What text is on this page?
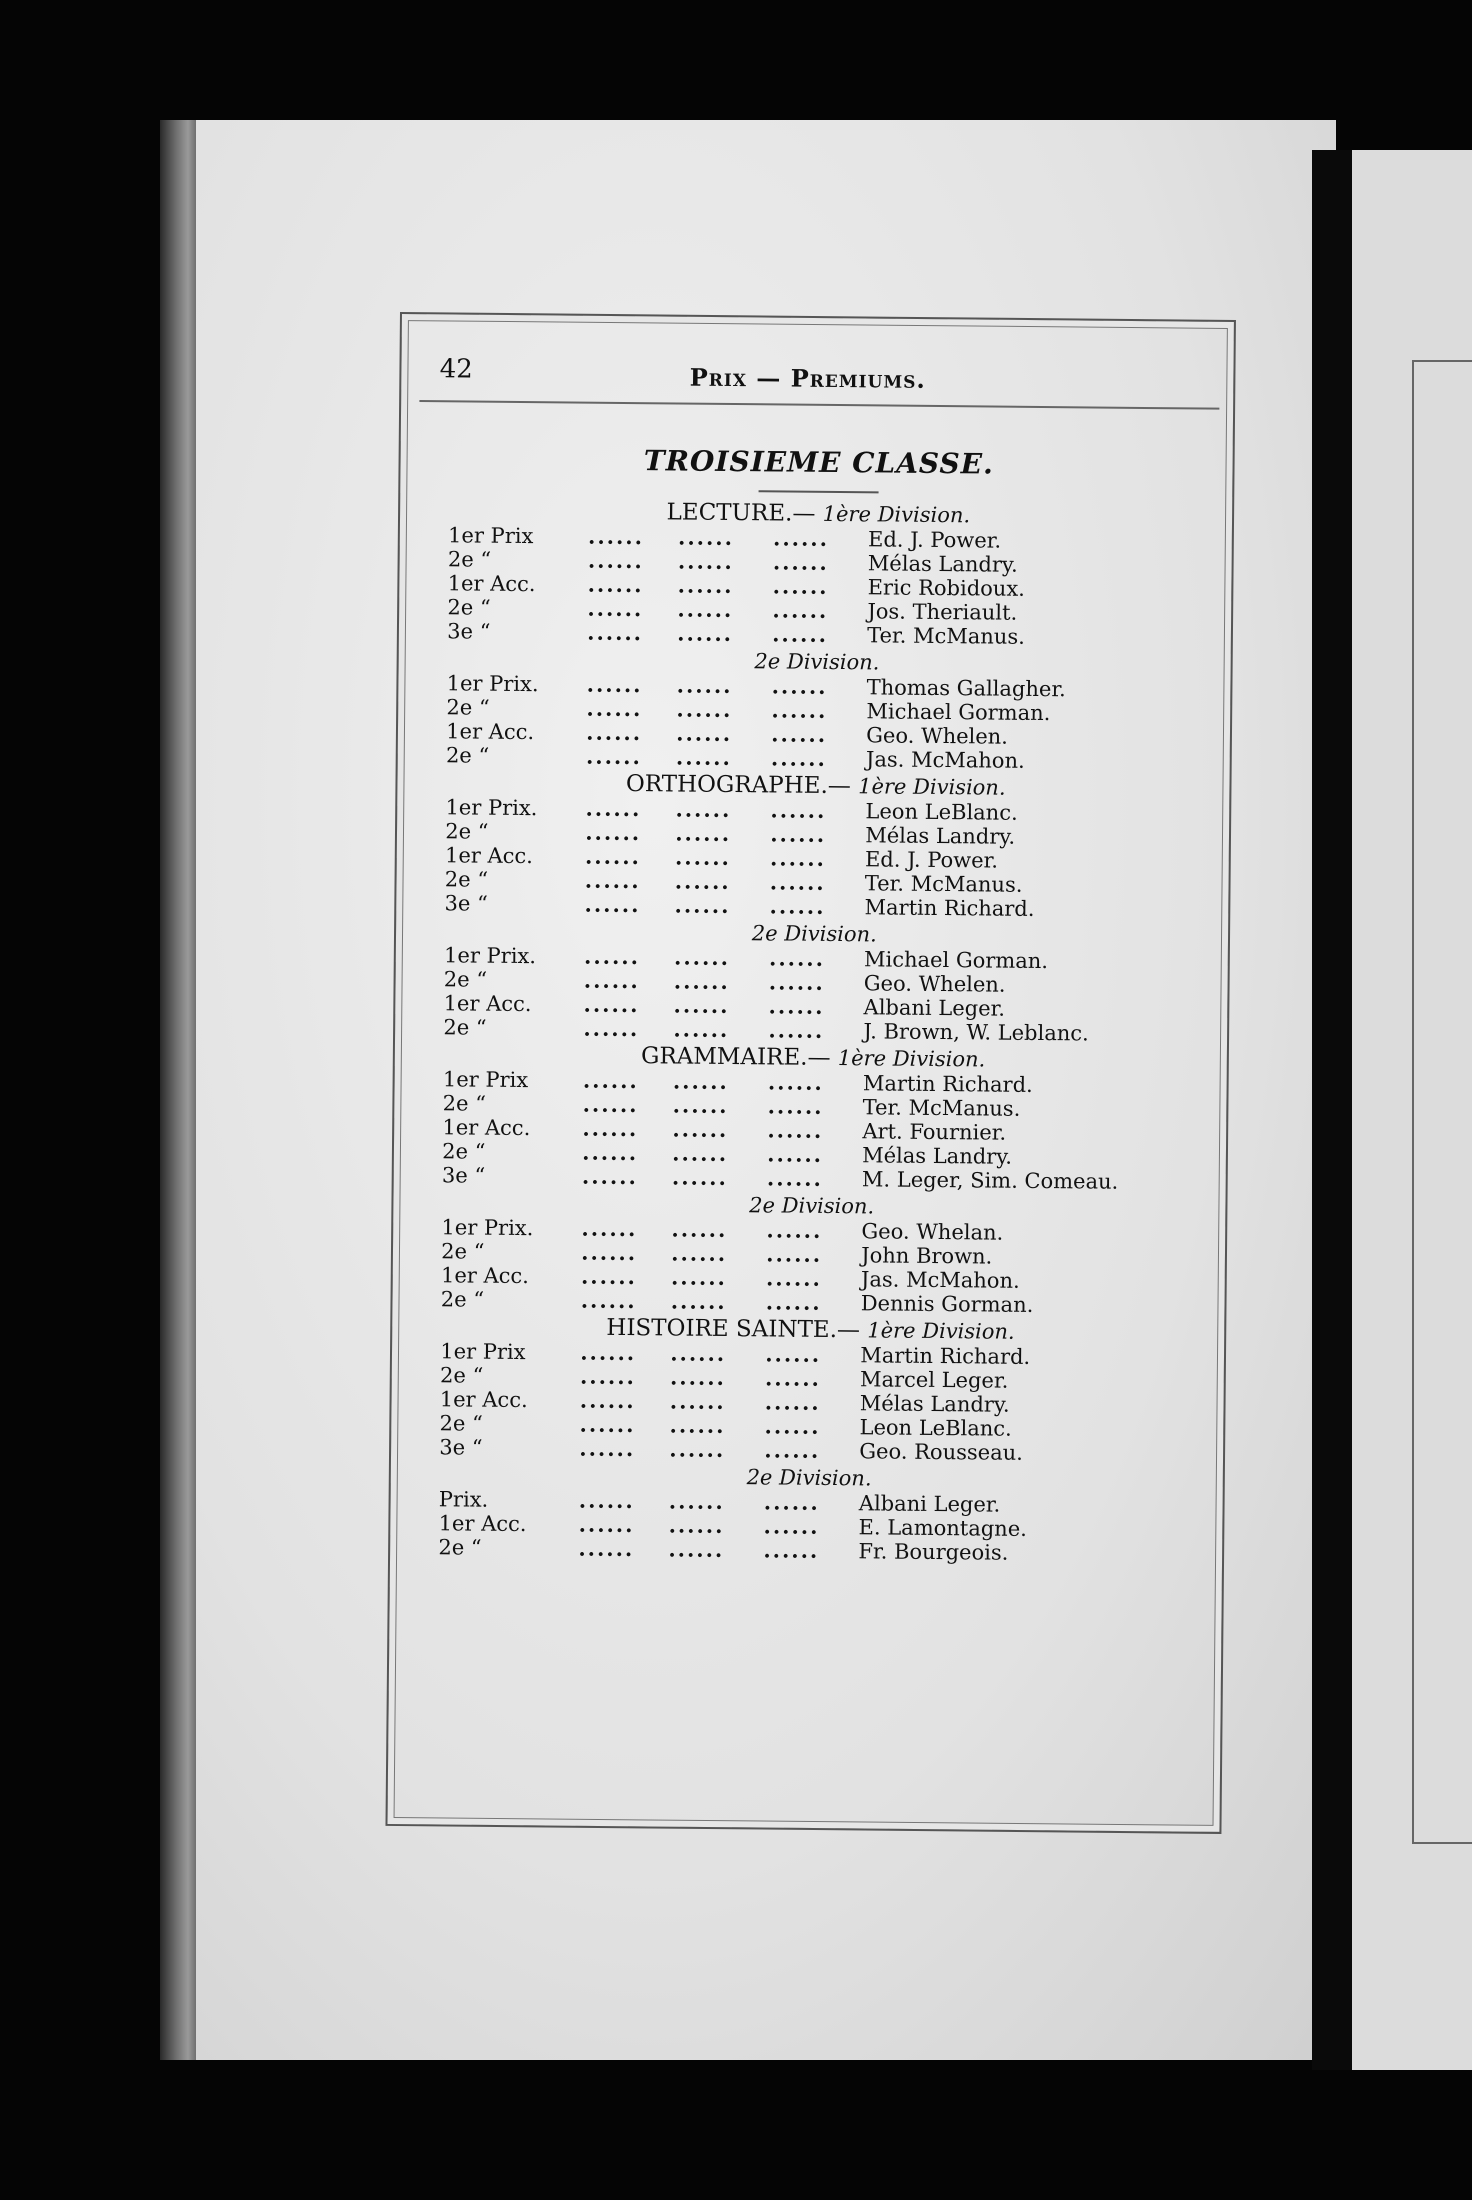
42	Prix — Premiums.
TROISIEME CLASSE.
LECTURE.— 1ère Division.
1er Prix	...... ...... ...... Ed. J. Power.
2e “	...... ...... ...... Mélas Landry.
1er Acc. ...... ...... ...... Eric Robidoux.
2e “	...... ...... ...... Jos. Theriault.
3e “	...... ...... ...... Ter. McManus.
2e Division.
1er Prix. ...... ...... ...... Thomas Gallagher.
2e “	...... ...... ...... Michael Gorman.
1er Acc. ...... ...... ...... Geo. Whelen.
2e “	...... ...... ...... Jas. McMahon.
ORTHOGRAPHE.— 1ère Division.
1er Prix. ...... ...... ...... Leon LeBlanc.
2e “	...... ...... ...... Mélas Landry.
1er Acc. ...... ...... ...... Ed. J. Power.
2e “	...... ...... ...... Ter. McManus.
3e “	...... ...... ...... Martin Richard.
2e Division.
1er Prix. ...... ...... ...... Michael Gorman.
2e “	...... ...... ...... Geo. Whelen.
1er Acc. ...... ...... ...... Albani Leger.
2e “	...... ...... ...... J. Brown, W. Leblanc.
GRAMMAIRE.— 1ère Division.
1er Prix	...... ...... ...... Martin Richard.
2e “	...... ...... ...... Ter. McManus.
1er Acc. ...... ...... ...... Art. Fournier.
2e “	...... ...... ...... Mélas Landry.
3e “	...... ...... ...... M. Leger, Sim. Comeau.
2e Division.
1er Prix. ...... ...... ...... Geo. Whelan.
2e “	...... ...... ...... John Brown.
1er Acc. ...... ...... ...... Jas. McMahon.
2e “	...... ...... ...... Dennis Gorman.
HISTOIRE SAINTE.— 1ère Division.
1er Prix	...... ...... ...... Martin Richard.
2e “	...... ...... ...... Marcel Leger.
1er Acc. ...... ...... ...... Mélas Landry.
2e “	...... ...... ...... Leon LeBlanc.
3e “	...... ...... ...... Geo. Rousseau.
2e Division.
Prix.	...... ...... ...... Albani Leger.
1er Acc. ...... ...... ...... E. Lamontagne.
2e “	...... ...... ...... Fr. Bourgeois.
